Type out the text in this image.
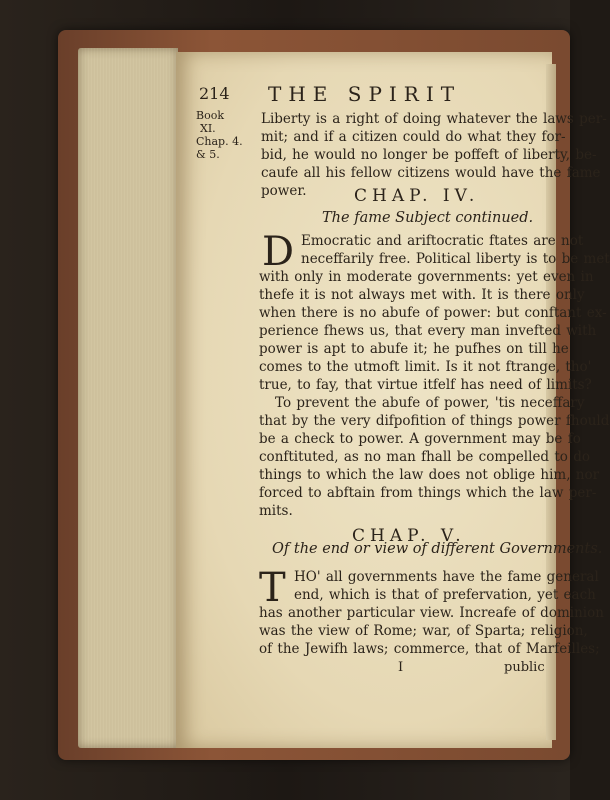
214 THE SPIRIT
Book
XI.
Chap. 4.
& 5.
Liberty is a right of doing whatever the laws per-
mit; and if a citizen could do what they for-
bid, he would no longer be poffeft of liberty, be-
caufe all his fellow citizens would have the fame
power.	CHAP. IV.
The fame Subject continued.
D Emocratic and ariftocratic ftates are not
neceffarily free. Political liberty is to be met
with only in moderate governments: yet even in
thefe it is not always met with. It is there only
when there is no abufe of power: but conftant ex-
perience fhews us, that every man invefted with
power is apt to abufe it; he pufhes on till he
comes to the utmoft limit. Is it not ftrange, tho'
true, to fay, that virtue itfelf has need of limits?
To prevent the abufe of power, 'tis neceffary
that by the very difpofition of things power fhould
be a check to power. A government may be fo
conftituted, as no man fhall be compelled to do
things to which the law does not oblige him, nor
forced to abftain from things which the law per-
mits.
CHAP. V.
Of the end or view of different Governments.
T HO' all governments have the fame general
end, which is that of prefervation, yet each
has another particular view. Increafe of dominion
was the view of Rome; war, of Sparta; religion,
of the Jewifh laws; commerce, that of Marfeilles;
I	public
